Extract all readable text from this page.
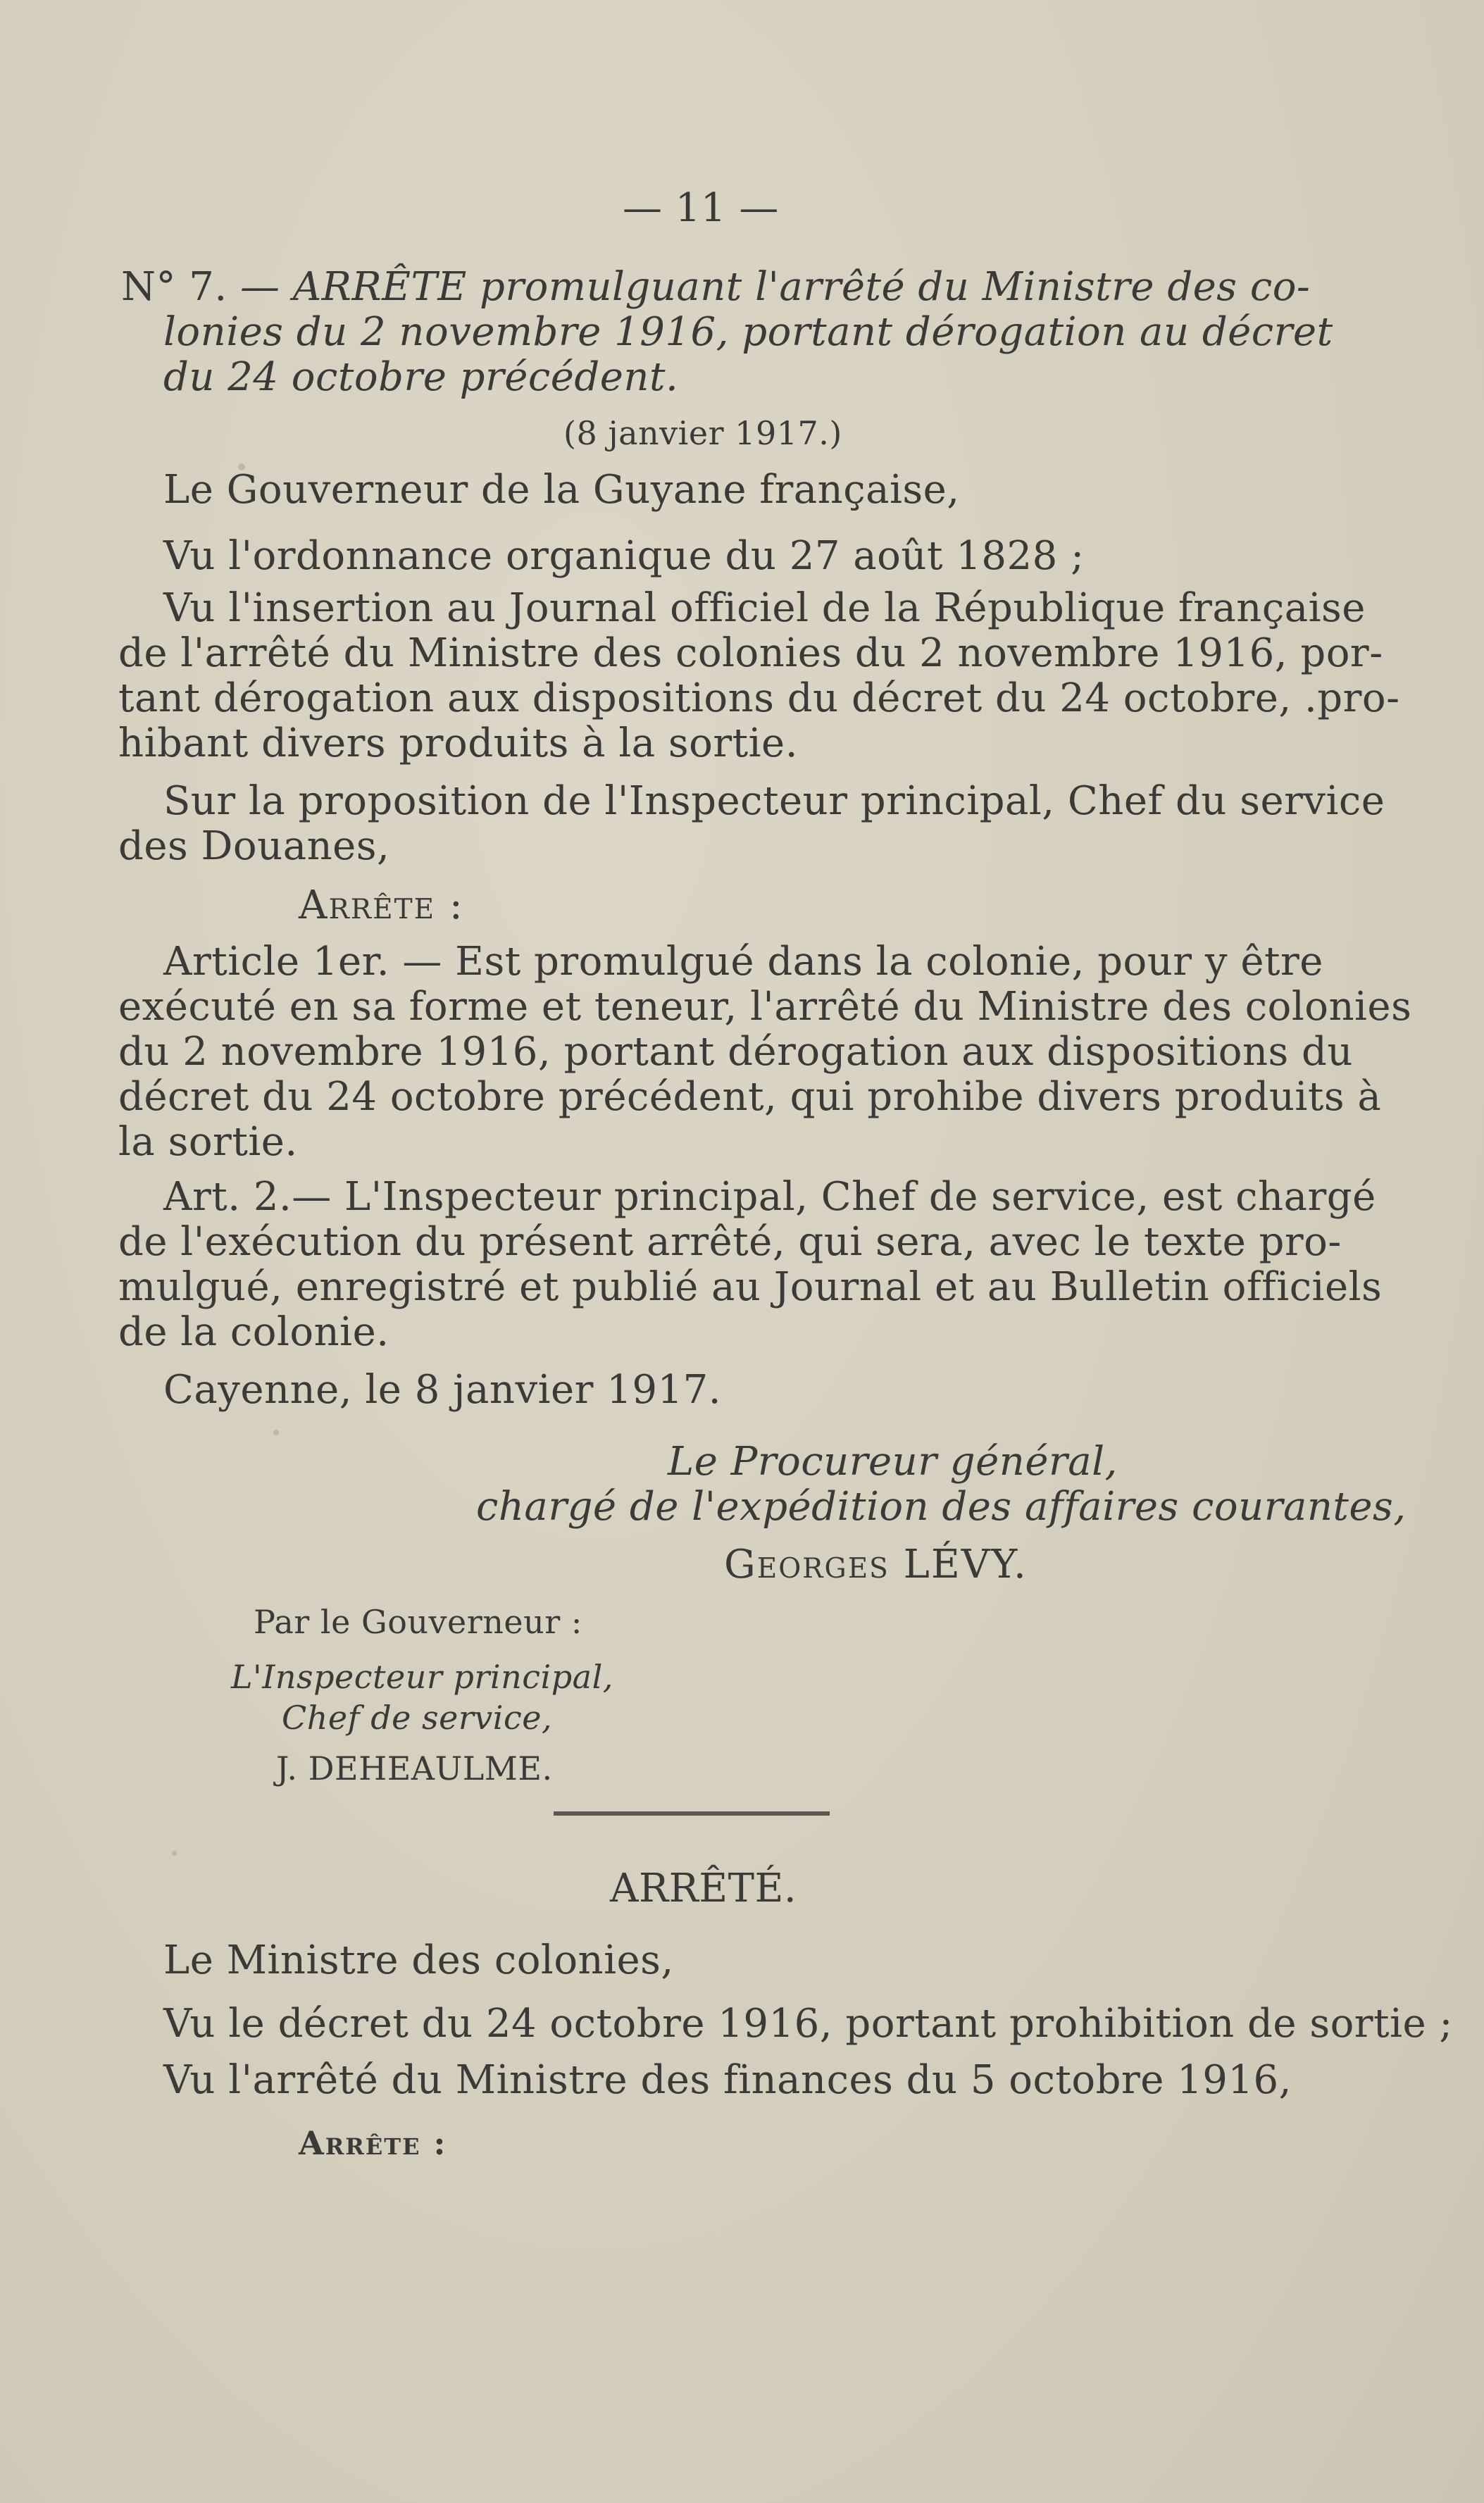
— 11 —
N° 7. — ARRÊTE promulguant l'arrêté du Ministre des co-
lonies du 2 novembre 1916, portant dérogation au décret
du 24 octobre précédent.
(8 janvier 1917.)
Le Gouverneur de la Guyane française,
Vu l'ordonnance organique du 27 août 1828 ;
Vu l'insertion au Journal officiel de la République française
de l'arrêté du Ministre des colonies du 2 novembre 1916, por-
tant dérogation aux dispositions du décret du 24 octobre, .pro-
hibant divers produits à la sortie.
Sur la proposition de l'Inspecteur principal, Chef du service
des Douanes,
Arrête :
Article 1er. — Est promulgué dans la colonie, pour y être
exécuté en sa forme et teneur, l'arrêté du Ministre des colonies
du 2 novembre 1916, portant dérogation aux dispositions du
décret du 24 octobre précédent, qui prohibe divers produits à
la sortie.
Art. 2.— L'Inspecteur principal, Chef de service, est chargé
de l'exécution du présent arrêté, qui sera, avec le texte pro-
mulgué, enregistré et publié au Journal et au Bulletin officiels
de la colonie.
Cayenne, le 8 janvier 1917.
Le Procureur général,
chargé de l'expédition des affaires courantes,
Georges LÉVY.
Par le Gouverneur :
L'Inspecteur principal,
Chef de service,
J. DEHEAULME.
ARRÊTÉ.
Le Ministre des colonies,
Vu le décret du 24 octobre 1916, portant prohibition de sortie ;
Vu l'arrêté du Ministre des finances du 5 octobre 1916,
Arrête :
